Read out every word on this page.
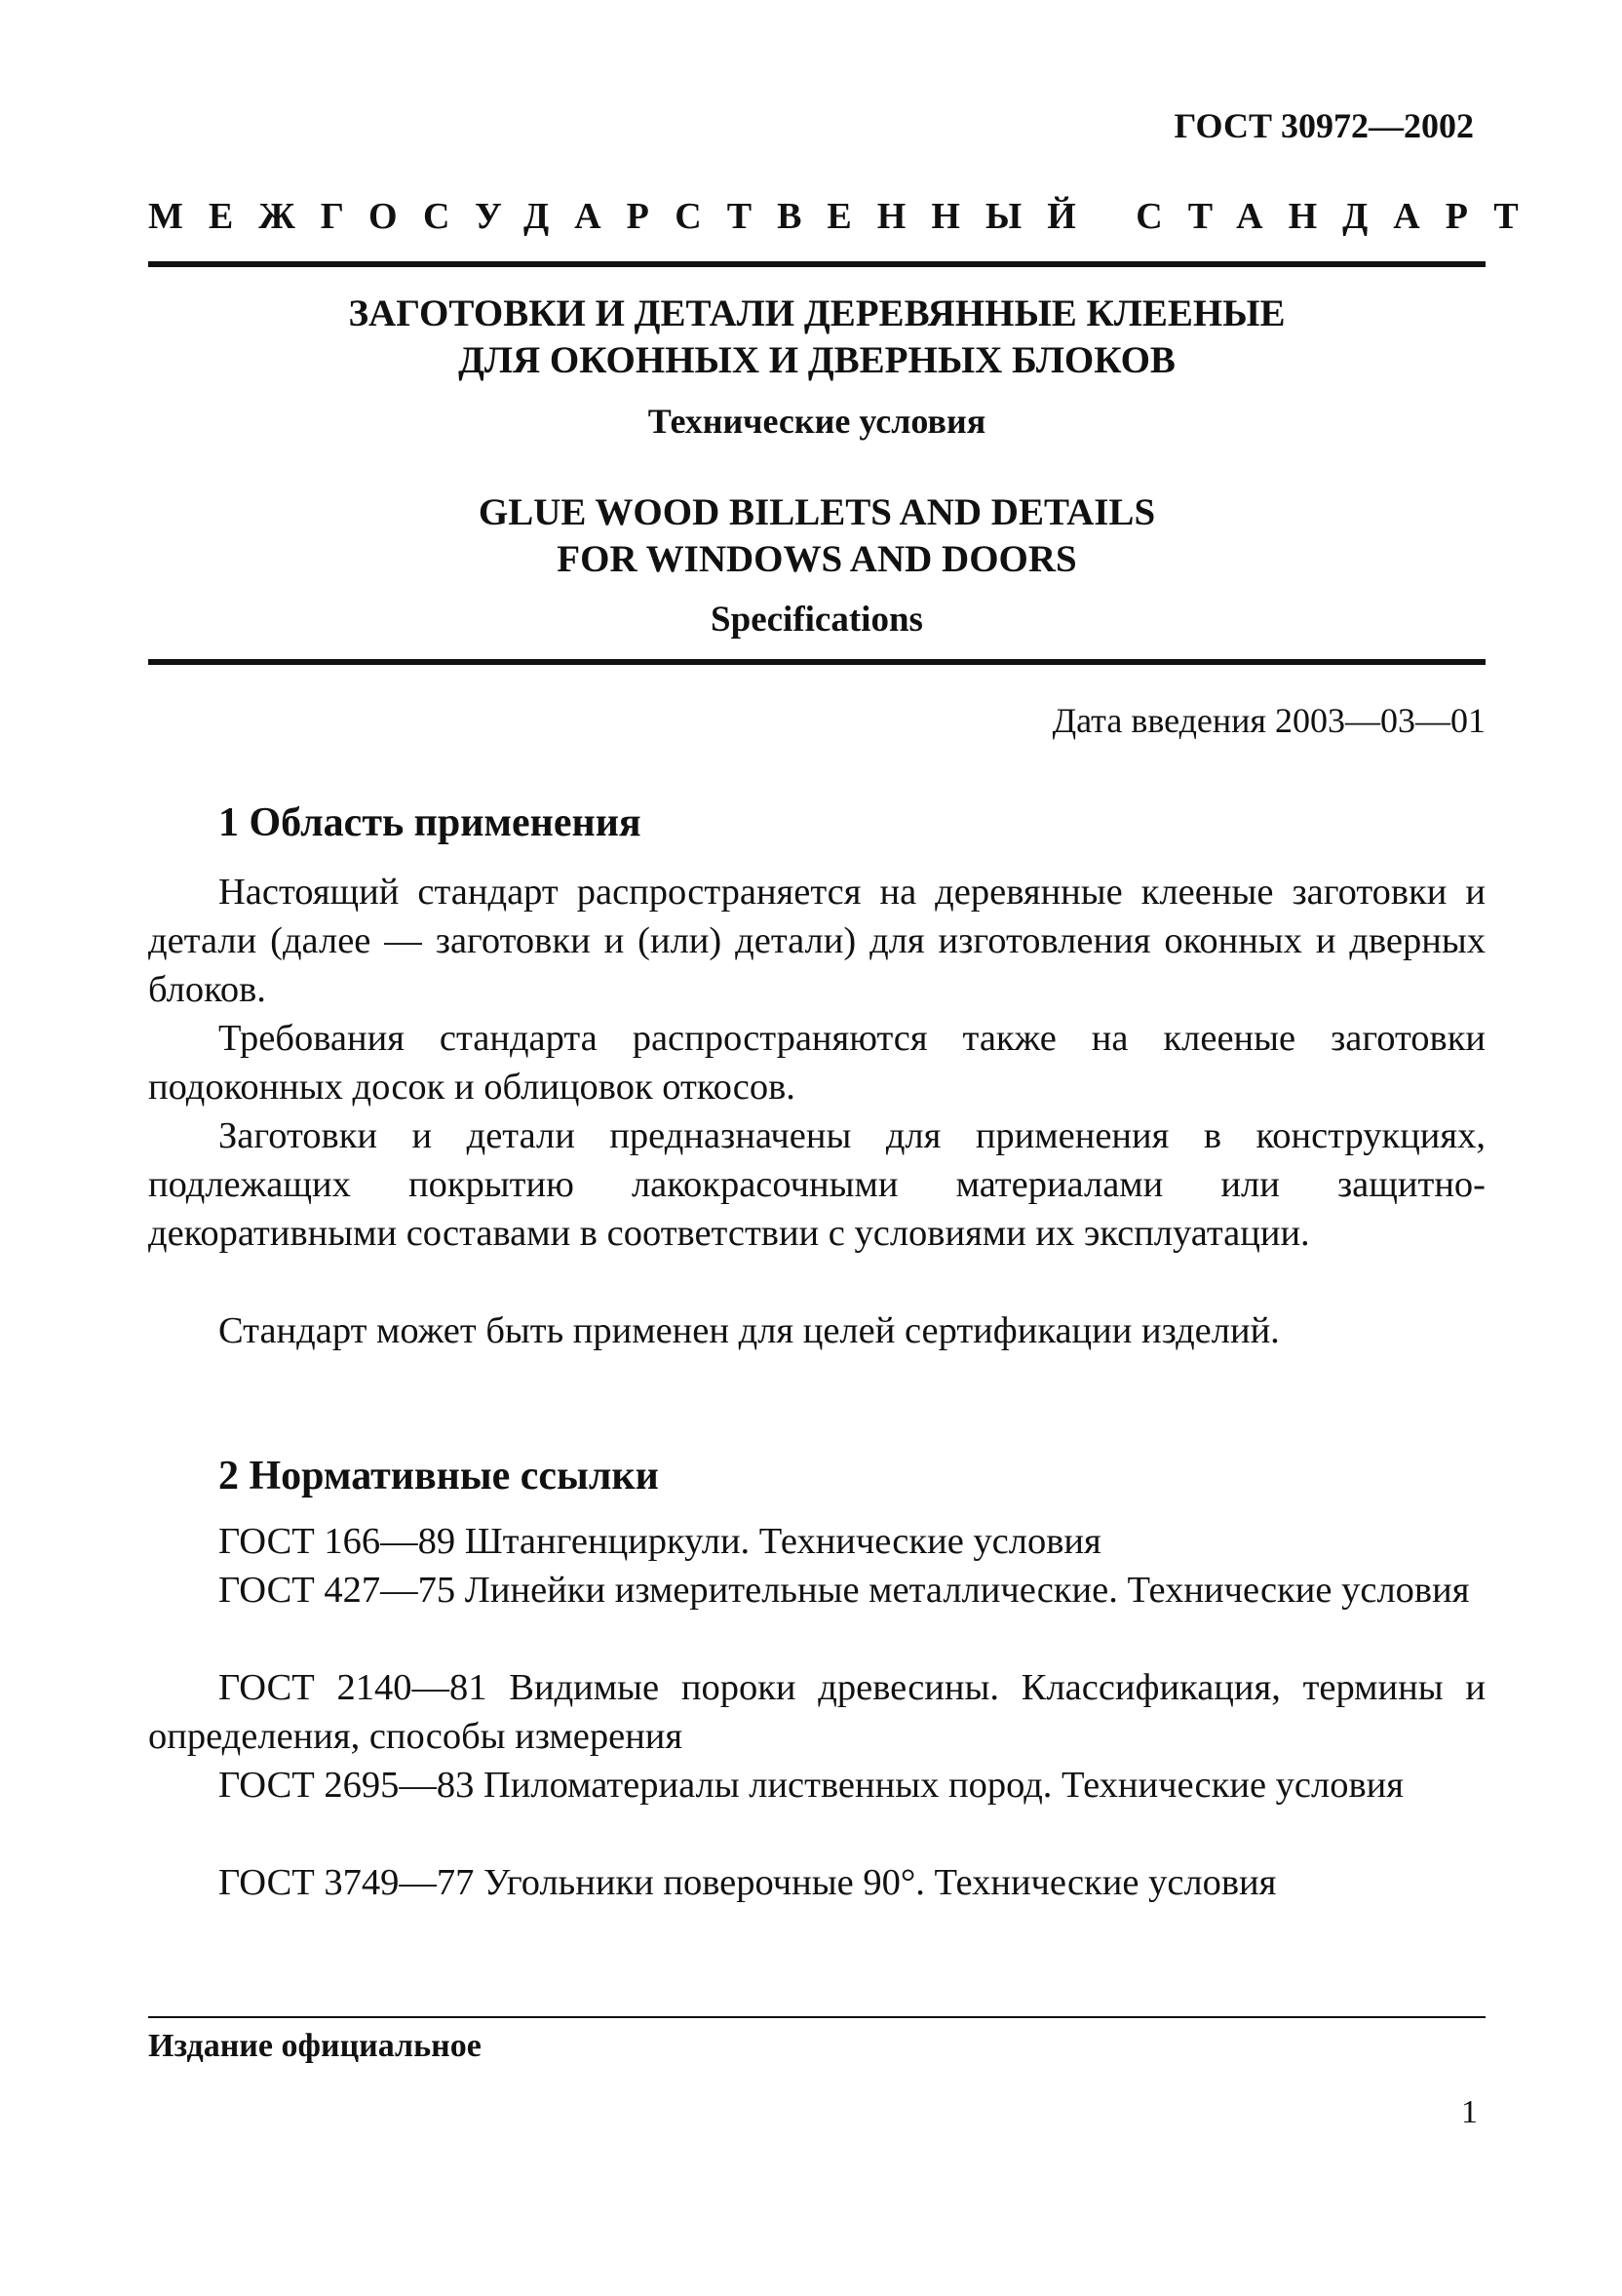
ГОСТ 30972—2002
МЕЖГОСУДАРСТВЕННЫЙ СТАНДАРТ
ЗАГОТОВКИ И ДЕТАЛИ ДЕРЕВЯННЫЕ КЛЕЕНЫЕ
ДЛЯ ОКОННЫХ И ДВЕРНЫХ БЛОКОВ
Технические условия
GLUE WOOD BILLETS AND DETAILS
FOR WINDOWS AND DOORS
Specifications
Дата введения 2003—03—01
1 Область применения

Настоящий стандарт распространяется на деревянные клееные заготовки и детали (далее — заготовки и (или) детали) для изготовления оконных и дверных блоков.

Требования стандарта распространяются также на клееные заготовки подоконных досок и облицовок откосов.

Заготовки и детали предназначены для применения в конструкциях, подлежащих покрытию лакокрасочными материалами или защитно-декоративными составами в соответствии с условиями их эксплуатации.

Стандарт может быть применен для целей сертификации изделий.

2 Нормативные ссылки

ГОСТ 166—89 Штангенциркули. Технические условия

ГОСТ 427—75 Линейки измерительные металлические. Технические условия

ГОСТ 2140—81 Видимые пороки древесины. Классификация, термины и определения, способы измерения

ГОСТ 2695—83 Пиломатериалы лиственных пород. Технические условия

ГОСТ 3749—77 Угольники поверочные 90°. Технические условия

Издание официальное
1
